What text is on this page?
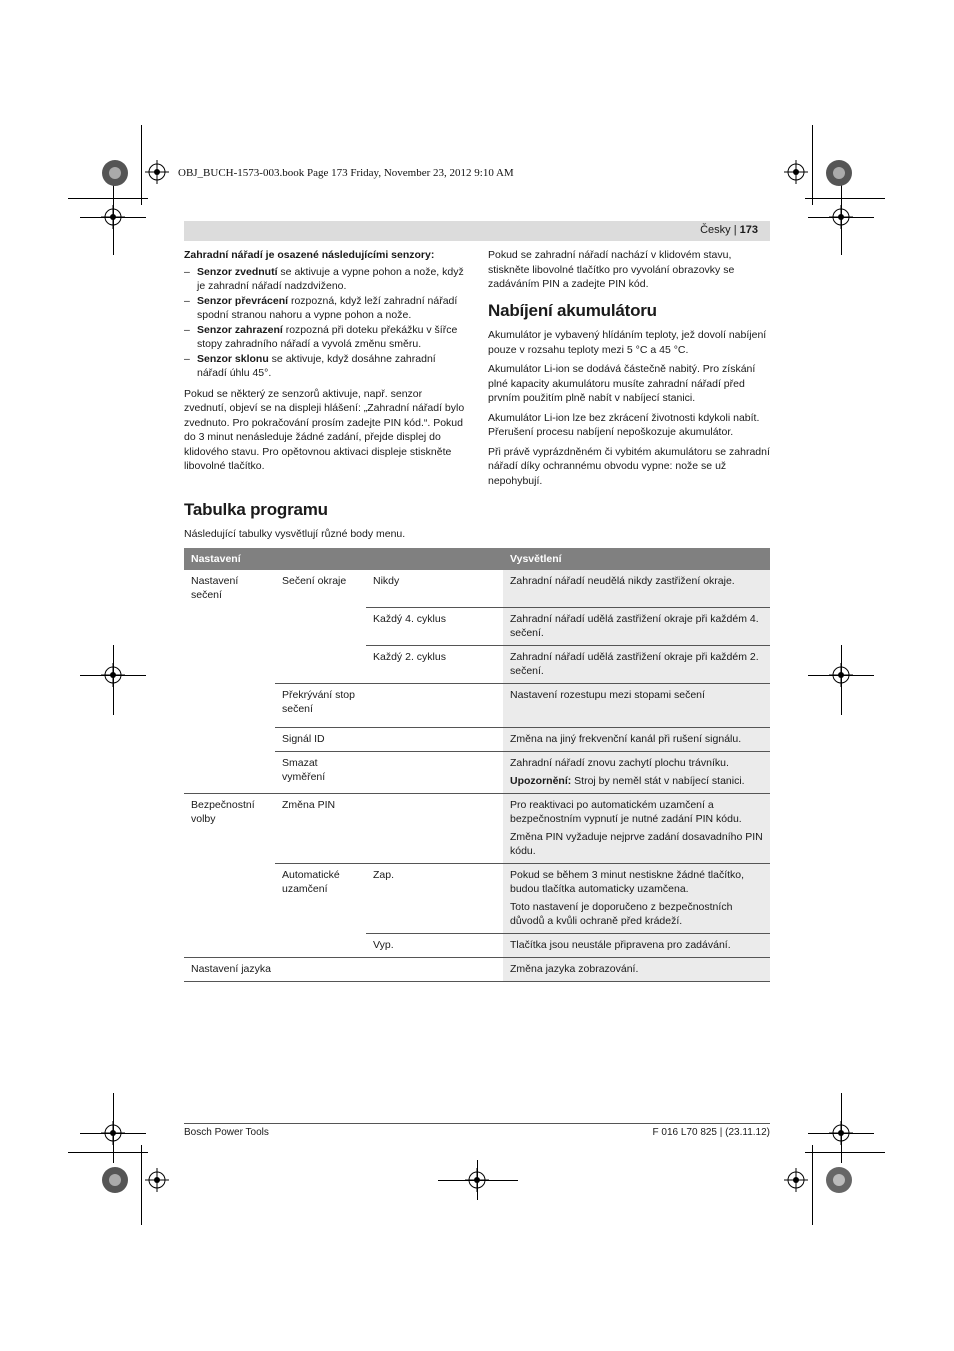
OBJ_BUCH-1573-003.book Page 173 Friday, November 23, 2012 9:10 AM
Česky | 173

Zahradní nářadí je osazené následujícími senzory:

– Senzor zvednutí se aktivuje a vypne pohon a nože, když je zahradní nářadí nadzdviženo.
– Senzor převrácení rozpozná, když leží zahradní nářadí spodní stranou nahoru a vypne pohon a nože.
– Senzor zahrazení rozpozná při doteku překážku v šířce stopy zahradního nářadí a vyvolá změnu směru.
– Senzor sklonu se aktivuje, když dosáhne zahradní nářadí úhlu 45°.

Pokud se některý ze senzorů aktivuje, např. senzor zvednutí, objeví se na displeji hlášení: „Zahradní nářadí bylo zvednuto. Pro pokračování prosím zadejte PIN kód.“. Pokud do 3 minut nenásleduje žádné zadání, přejde displej do klidového stavu. Pro opětovnou aktivaci displeje stiskněte libovolné tlačítko.

Pokud se zahradní nářadí nachází v klidovém stavu, stiskněte libovolné tlačítko pro vyvolání obrazovky se zadáváním PIN a zadejte PIN kód.

Nabíjení akumulátoru

Akumulátor je vybavený hlídáním teploty, jež dovolí nabíjení pouze v rozsahu teploty mezi 5 °C a 45 °C.

Akumulátor Li-ion se dodává částečně nabitý. Pro získání plné kapacity akumulátoru musíte zahradní nářadí před prvním použitím plně nabít v nabíjecí stanici.

Akumulátor Li-ion lze bez zkrácení životnosti kdykoli nabít. Přerušení procesu nabíjení nepoškozuje akumulátor.

Při právě vyprázdněném či vybitém akumulátoru se zahradní nářadí díky ochrannému obvodu vypne: nože se už nepohybují.

Tabulka programu
Následující tabulky vysvětlují různé body menu.
Nastavení			Vysvětlení
Nastavení sečení	Sečení okraje	Nikdy	Zahradní nářadí neudělá nikdy zastřižení okraje.
		Každý 4. cyklus	Zahradní nářadí udělá zastřižení okraje při každém 4. sečení.
		Každý 2. cyklus	Zahradní nářadí udělá zastřižení okraje při každém 2. sečení.
	Překrývání stop sečení		Nastavení rozestupu mezi stopami sečení
	Signál ID		Změna na jiný frekvenční kanál při rušení signálu.
	Smazat vyměření		Zahradní nářadí znovu zachytí plochu trávníku.

Upozornění: Stroj by neměl stát v nabíjecí stanici.

Bezpečnostní volby	Změna PIN		Pro reaktivaci po automatickém uzamčení a bezpečnostním vypnutí je nutné zadání PIN kódu.

Změna PIN vyžaduje nejprve zadání dosavadního PIN kódu.

	Automatické uzamčení	Zap.	Pokud se během 3 minut nestiskne žádné tlačítko, budou tlačítka automaticky uzamčena.

Toto nastavení je doporučeno z bezpečnostních důvodů a kvůli ochraně před krádeží.

		Vyp.	Tlačítka jsou neustále připravena pro zadávání.
Nastavení jazyka			Změna jazyka zobrazování.
Bosch Power Tools	F 016 L70 825 | (23.11.12)
